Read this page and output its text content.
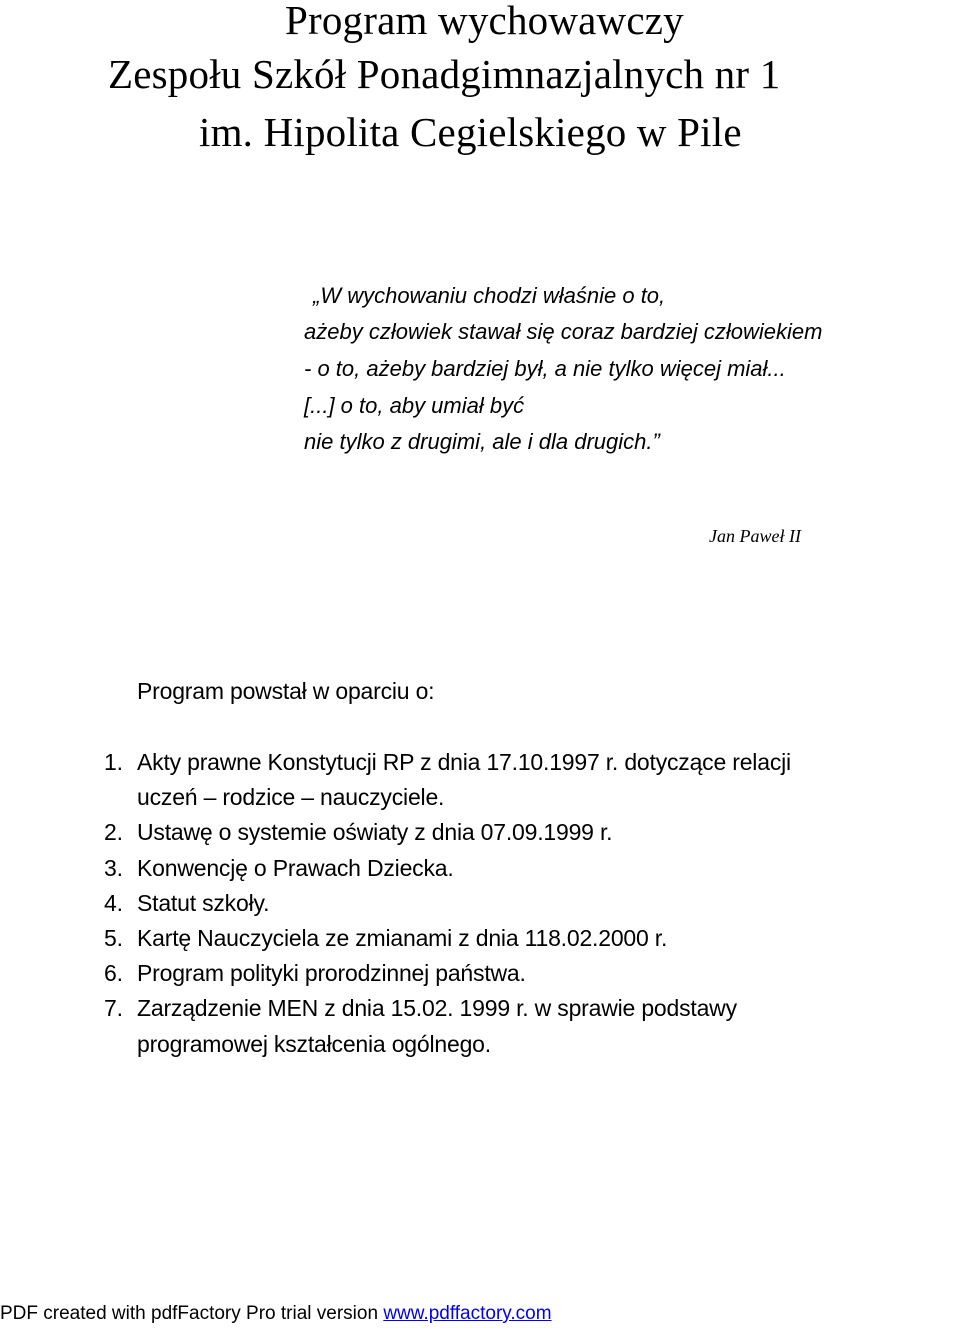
Program wychowawczy
Zespołu Szkół Ponadgimnazjalnych nr 1
im. Hipolita Cegielskiego w Pile
„W wychowaniu chodzi właśnie o to,
ażeby człowiek stawał się coraz bardziej człowiekiem
- o to, ażeby bardziej był, a nie tylko więcej miał...
[...] o to, aby umiał być
nie tylko z drugimi, ale i dla drugich.”
Jan Paweł II
Program powstał w oparciu o:
1. Akty prawne Konstytucji RP z dnia 17.10.1997 r. dotyczące relacji
uczeń – rodzice – nauczyciele.
2. Ustawę o systemie oświaty z dnia 07.09.1999 r.
3. Konwencję o Prawach Dziecka.
4. Statut szkoły.
5. Kartę Nauczyciela ze zmianami z dnia 118.02.2000 r.
6. Program polityki prorodzinnej państwa.
7. Zarządzenie MEN z dnia 15.02. 1999 r. w sprawie podstawy
programowej kształcenia ogólnego.
PDF created with pdfFactory Pro trial version www.pdffactory.com
